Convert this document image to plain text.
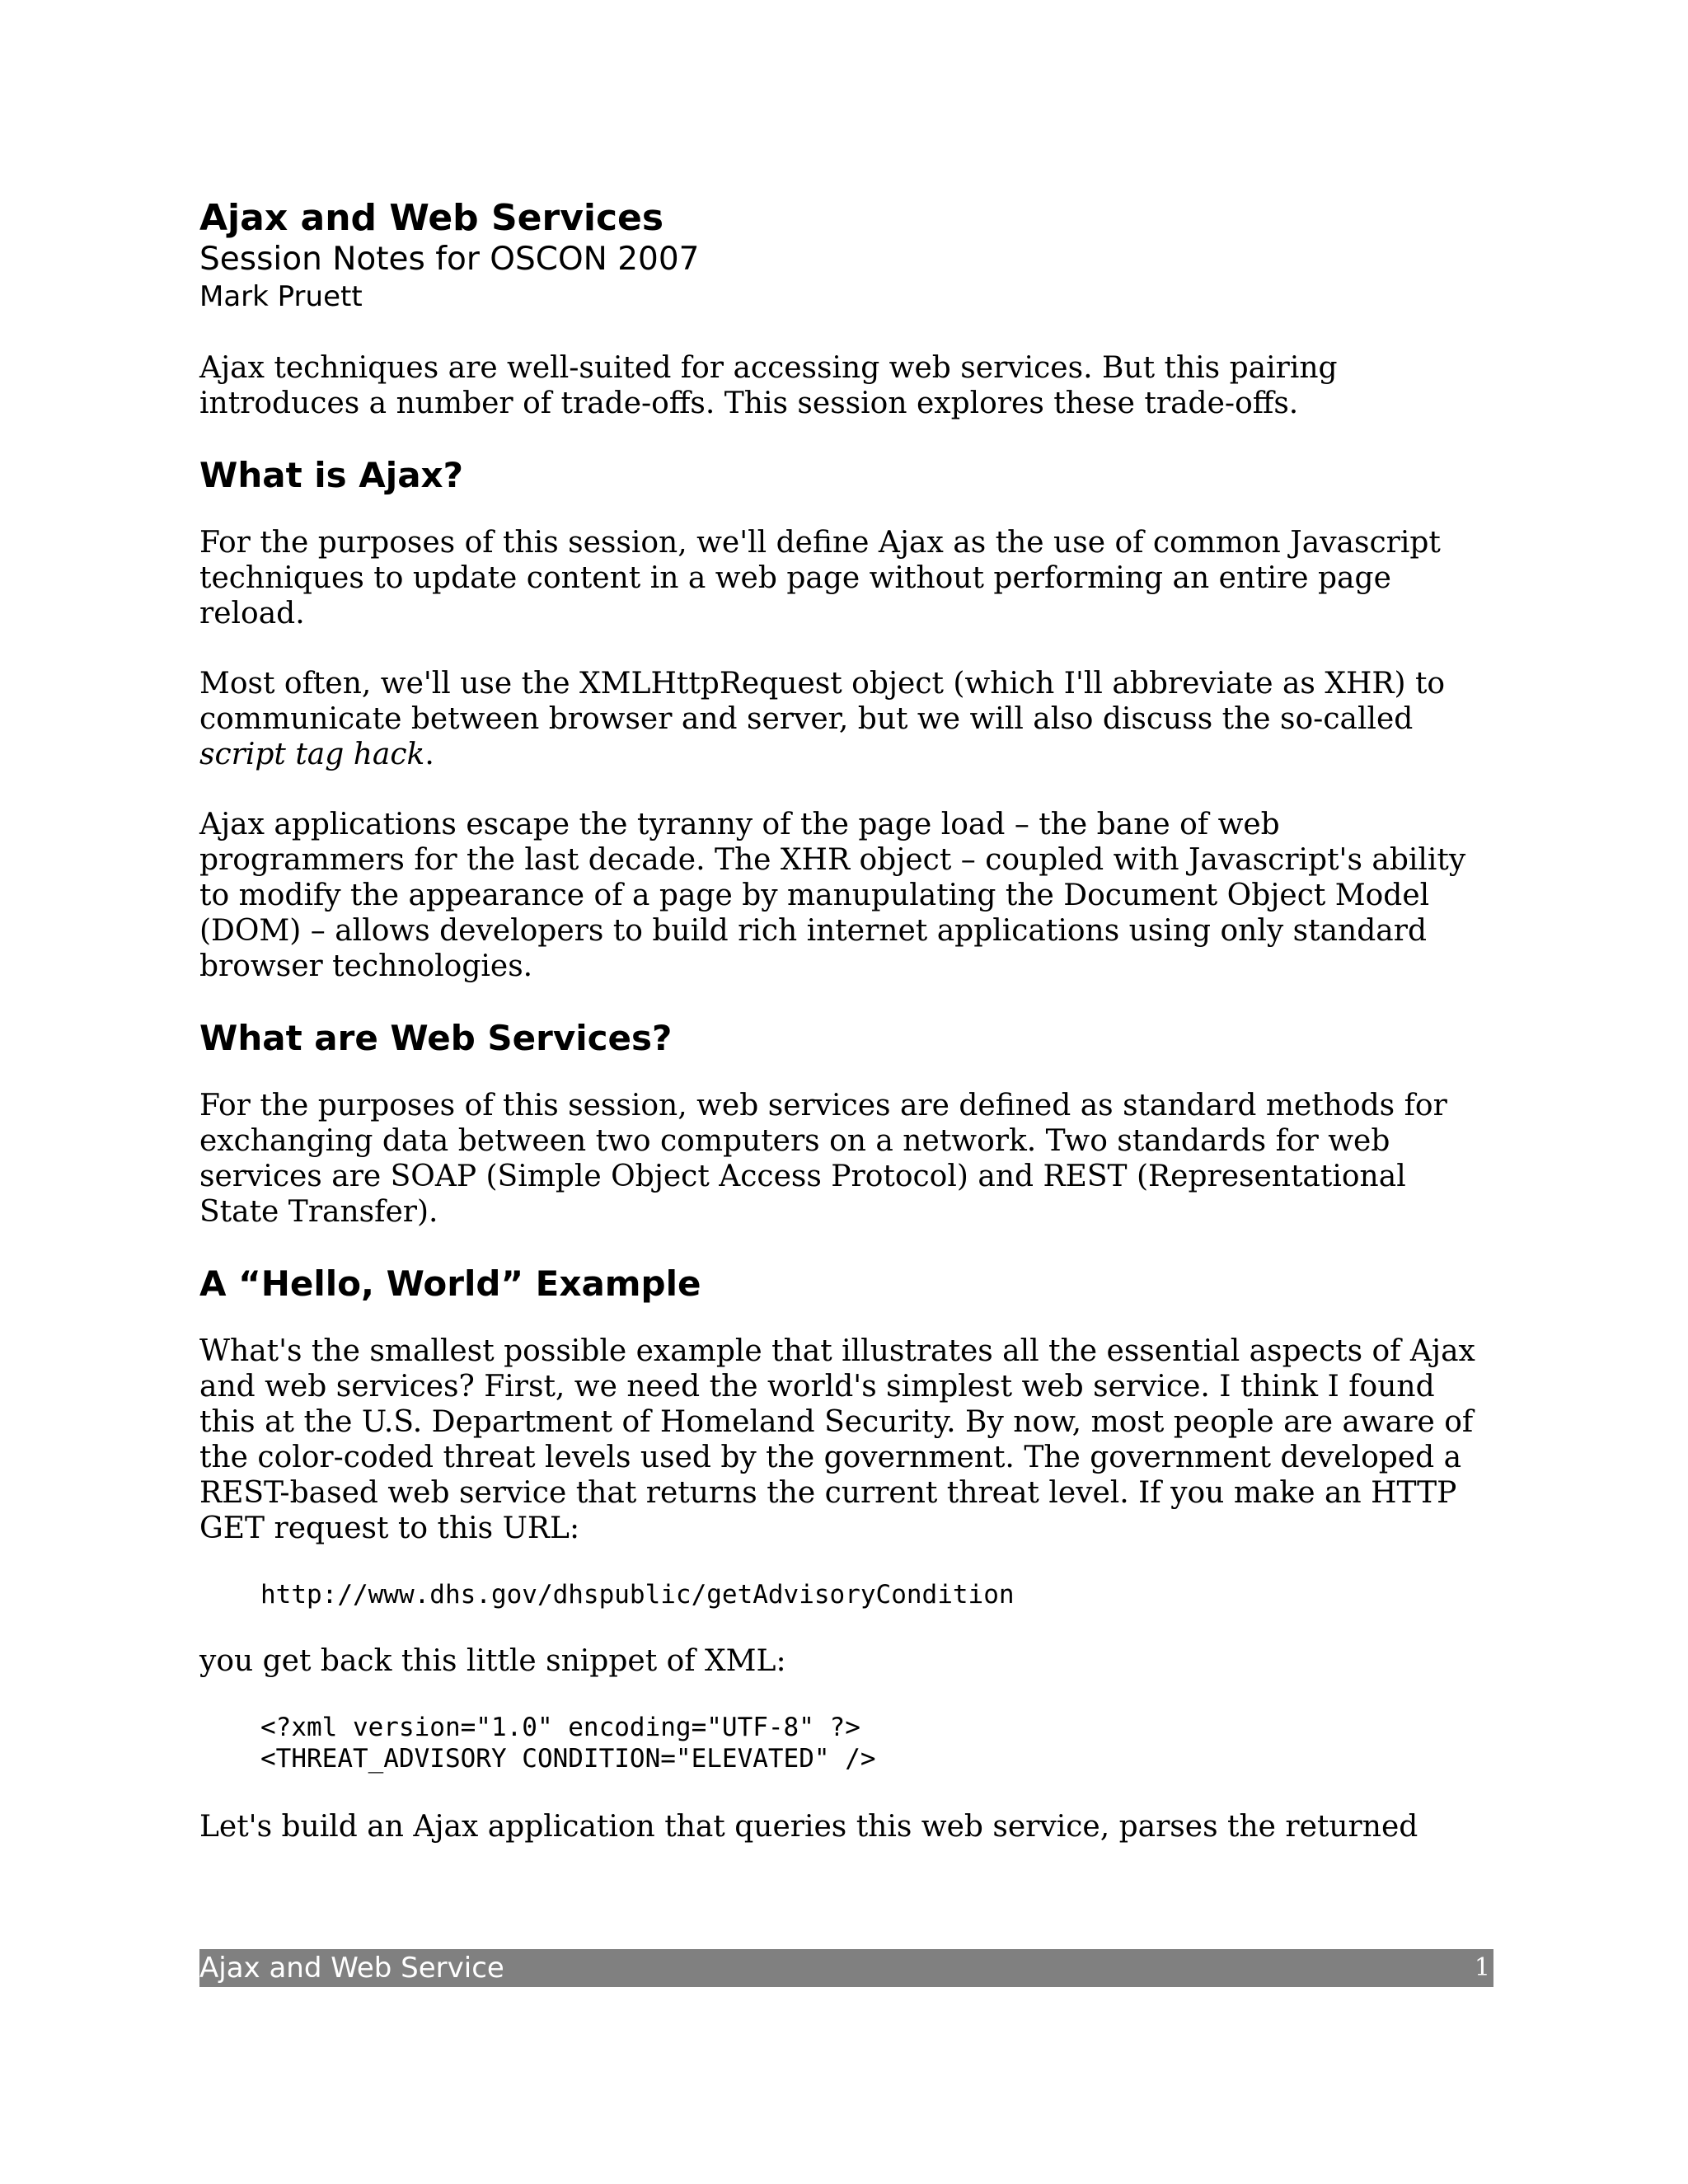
Ajax and Web Services
Session Notes for OSCON 2007
Mark Pruett

Ajax techniques are well-suited for accessing web services. But this pairing introduces a number of trade-offs. This session explores these trade-offs.

What is Ajax?

For the purposes of this session, we'll define Ajax as the use of common Javascript techniques to update content in a web page without performing an entire page reload.

Most often, we'll use the XMLHttpRequest object (which I'll abbreviate as XHR) to communicate between browser and server, but we will also discuss the so-called script tag hack.

Ajax applications escape the tyranny of the page load – the bane of web programmers for the last decade. The XHR object – coupled with Javascript's ability to modify the appearance of a page by manupulating the Document Object Model (DOM) – allows developers to build rich internet applications using only standard browser technologies.

What are Web Services?

For the purposes of this session, web services are defined as standard methods for exchanging data between two computers on a network. Two standards for web services are SOAP (Simple Object Access Protocol) and REST (Representational State Transfer).

A “Hello, World” Example

What's the smallest possible example that illustrates all the essential aspects of Ajax and web services? First, we need the world's simplest web service. I think I found this at the U.S. Department of Homeland Security. By now, most people are aware of the color-coded threat levels used by the government. The government developed a REST-based web service that returns the current threat level. If you make an HTTP GET request to this URL:

http://www.dhs.gov/dhspublic/getAdvisoryCondition

you get back this little snippet of XML:

<?xml version="1.0" encoding="UTF-8" ?>
<THREAT_ADVISORY CONDITION="ELEVATED" />

Let's build an Ajax application that queries this web service, parses the returned

Ajax and Web Service	1
